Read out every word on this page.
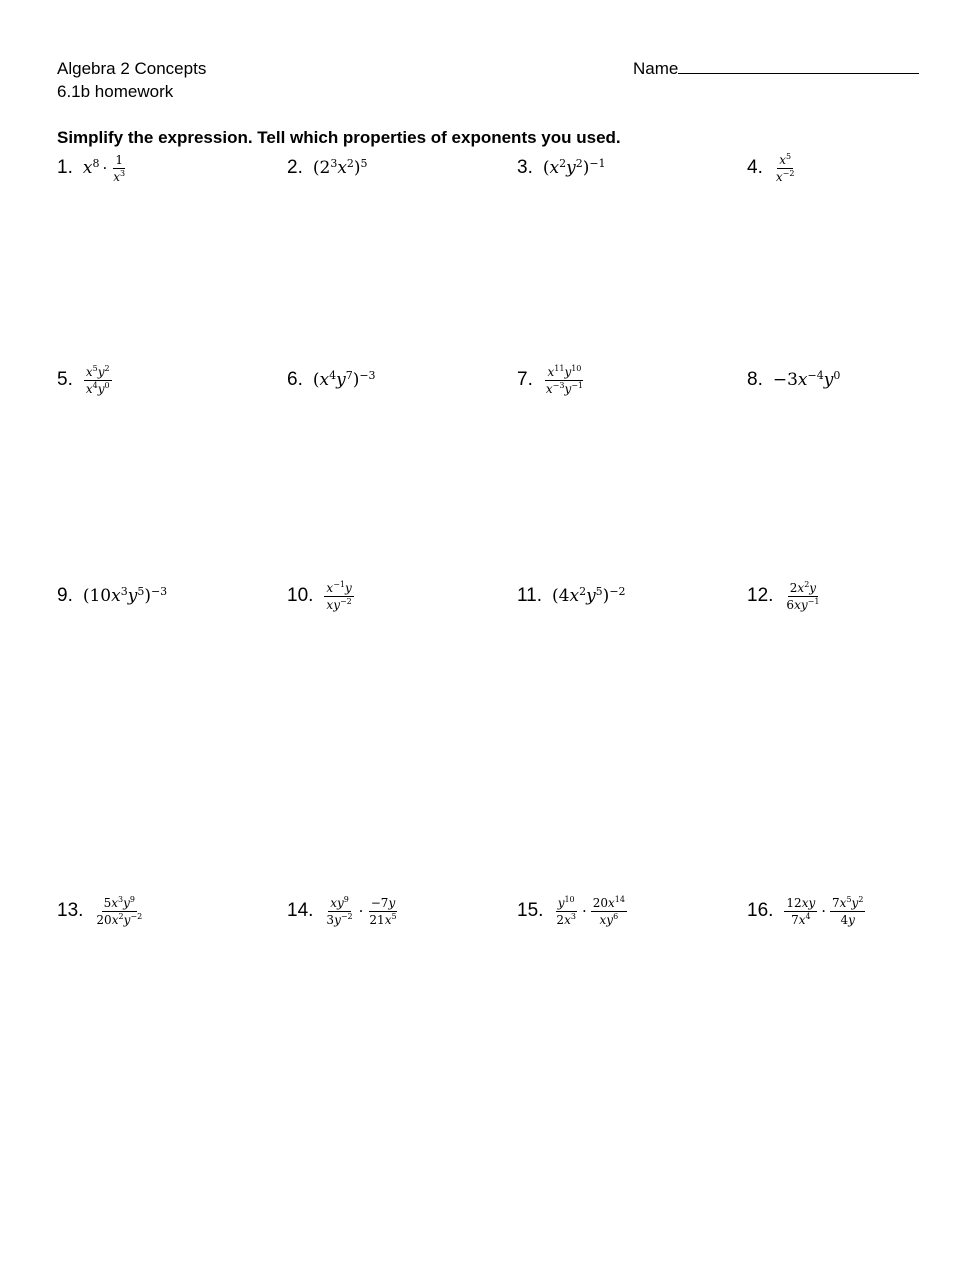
Algebra 2 Concepts
6.1b homework
Name
Simplify the expression. Tell which properties of exponents you used.
1. $x^8 \cdot \frac{1}{x^3}$	2. $(2^3x^2)^5$	3. $(x^2y^2)^{-1}$	4. $\frac{x^5}{x^{-2}}$
5. $\frac{x^5y^2}{x^4y^0}$	6. $(x^4y^7)^{-3}$	7. $\frac{x^{11}y^{10}}{x^{-3}y^{-1}}$	8. $-3x^{-4}y^0$
9. $(10x^3y^5)^{-3}$	10. $\frac{x^{-1}y}{xy^{-2}}$	11. $(4x^2y^5)^{-2}$	12. $\frac{2x^2y}{6xy^{-1}}$
13. $\frac{5x^3y^9}{20x^2y^{-2}}$	14. $\frac{xy^9}{3y^{-2}} \cdot \frac{-7y}{21x^5}$	15. $\frac{y^{10}}{2x^3} \cdot \frac{20x^{14}}{xy^6}$	16. $\frac{12xy}{7x^4} \cdot \frac{7x^5y^2}{4y}$
